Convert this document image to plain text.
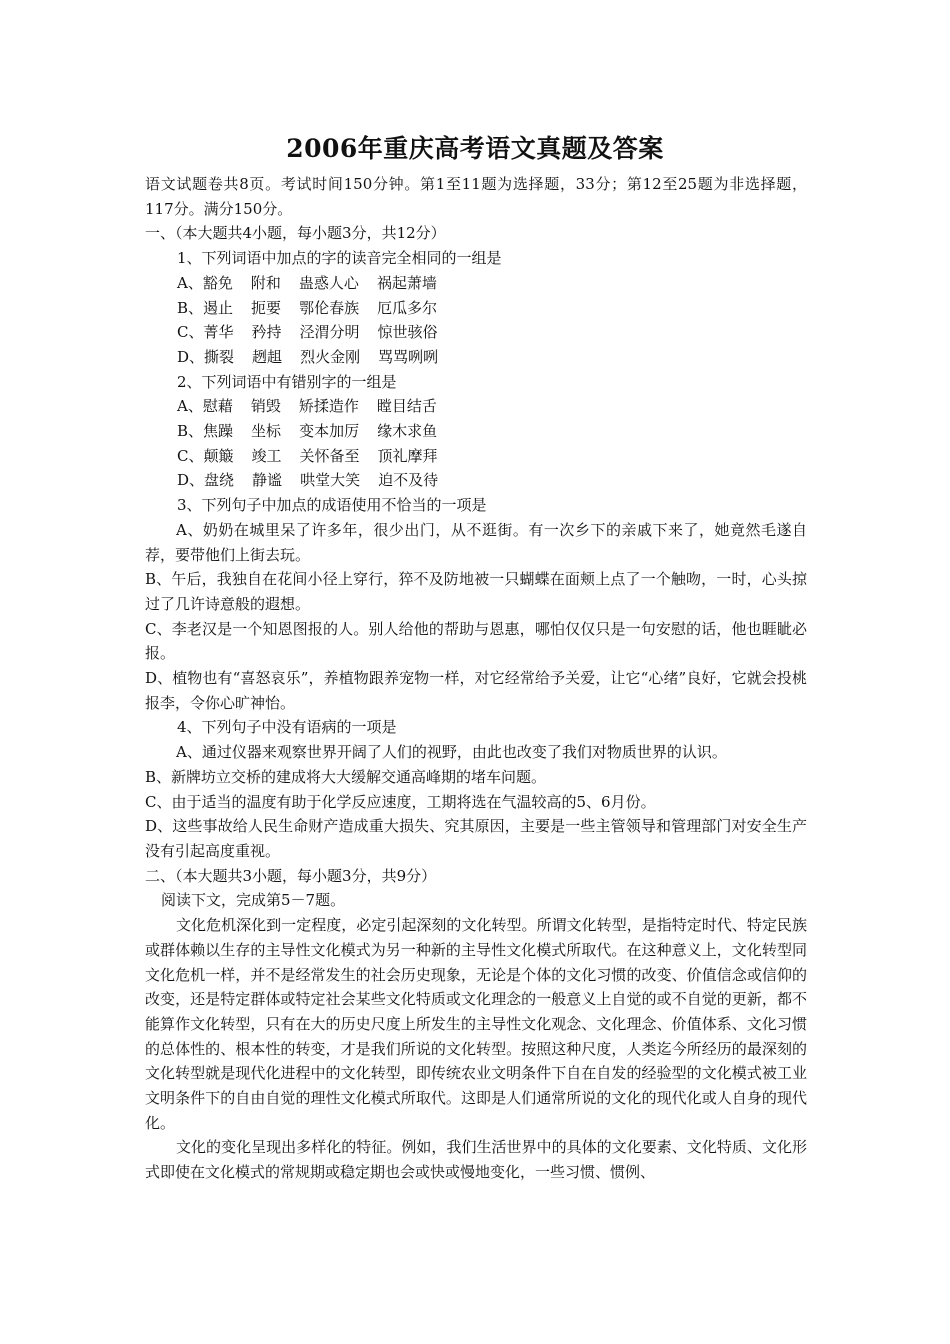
2006年重庆高考语文真题及答案

语文试题卷共8页。考试时间150分钟。第1至11题为选择题，33分；第12至25题为非选择题，117分。满分150分。

一、（本大题共4小题，每小题3分，共12分）

1、下列词语中加点的字的读音完全相同的一组是

A、豁免 附和 蛊惑人心 祸起萧墙

B、遏止 扼要 鄂伦春族 厄瓜多尔

C、菁华 矜持 泾渭分明 惊世骇俗

D、撕裂 趔趄 烈火金刚 骂骂咧咧

2、下列词语中有错别字的一组是

A、慰藉 销毁 矫揉造作 瞠目结舌

B、焦躁 坐标 变本加厉 缘木求鱼

C、颠簸 竣工 关怀备至 顶礼摩拜

D、盘绕 静谧 哄堂大笑 迫不及待

3、下列句子中加点的成语使用不恰当的一项是

A、奶奶在城里呆了许多年，很少出门，从不逛街。有一次乡下的亲戚下来了，她竟然毛遂自荐，要带他们上街去玩。

B、午后，我独自在花间小径上穿行，猝不及防地被一只蝴蝶在面颊上点了一个触吻，一时，心头掠过了几许诗意般的遐想。

C、李老汉是一个知恩图报的人。别人给他的帮助与恩惠，哪怕仅仅只是一句安慰的话，他也睚眦必报。

D、植物也有“喜怒哀乐”，养植物跟养宠物一样，对它经常给予关爱，让它“心绪”良好，它就会投桃报李，令你心旷神怡。

4、下列句子中没有语病的一项是

A、通过仪器来观察世界开阔了人们的视野，由此也改变了我们对物质世界的认识。

B、新牌坊立交桥的建成将大大缓解交通高峰期的堵车问题。

C、由于适当的温度有助于化学反应速度，工期将选在气温较高的5、6月份。

D、这些事故给人民生命财产造成重大损失、究其原因，主要是一些主管领导和管理部门对安全生产没有引起高度重视。

二、（本大题共3小题，每小题3分，共9分）

阅读下文，完成第5－7题。

文化危机深化到一定程度，必定引起深刻的文化转型。所谓文化转型，是指特定时代、特定民族或群体赖以生存的主导性文化模式为另一种新的主导性文化模式所取代。在这种意义上，文化转型同文化危机一样，并不是经常发生的社会历史现象，无论是个体的文化习惯的改变、价值信念或信仰的改变，还是特定群体或特定社会某些文化特质或文化理念的一般意义上自觉的或不自觉的更新，都不能算作文化转型，只有在大的历史尺度上所发生的主导性文化观念、文化理念、价值体系、文化习惯的总体性的、根本性的转变，才是我们所说的文化转型。按照这种尺度，人类迄今所经历的最深刻的文化转型就是现代化进程中的文化转型，即传统农业文明条件下自在自发的经验型的文化模式被工业文明条件下的自由自觉的理性文化模式所取代。这即是人们通常所说的文化的现代化或人自身的现代化。

文化的变化呈现出多样化的特征。例如，我们生活世界中的具体的文化要素、文化特质、文化形式即使在文化模式的常规期或稳定期也会或快或慢地变化，一些习惯、惯例、
